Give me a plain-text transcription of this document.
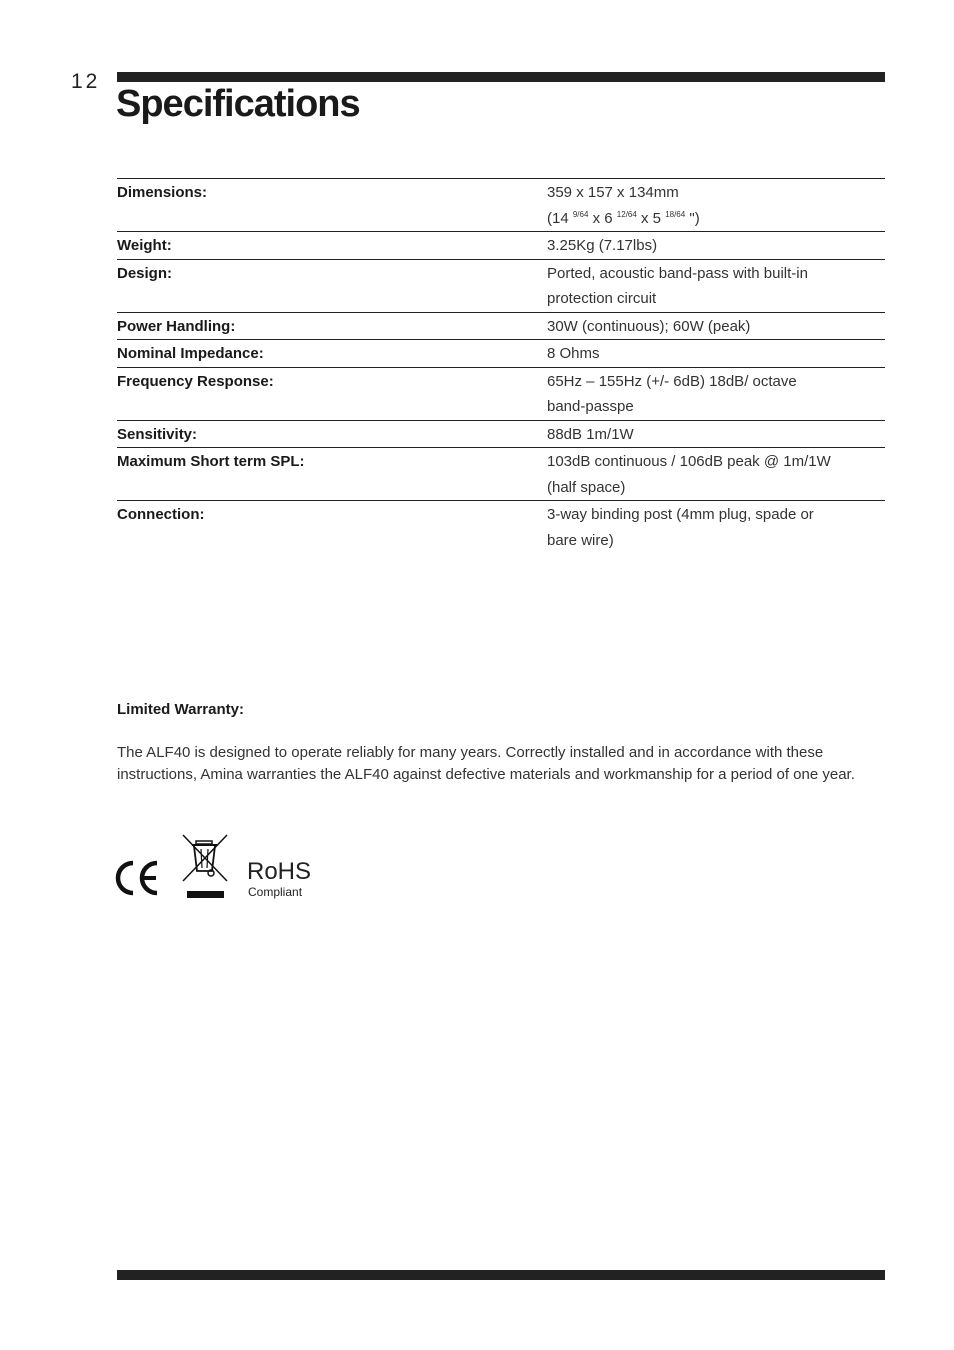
12
Specifications
Dimensions:	359 x 157 x 134mm
(14 $^{9/64}$ x 6 $^{12/64}$ x 5 $^{18/64}$ ")

Weight:	3.25Kg (7.17lbs)

Design:	Ported, acoustic band-pass with built-in
protection circuit

Power Handling:	30W (continuous); 60W (peak)

Nominal Impedance:	8 Ohms

Frequency Response:	65Hz – 155Hz (+/- 6dB) 18dB/ octave
band-passpe

Sensitivity:	88dB 1m/1W

Maximum Short term SPL:	103dB continuous / 106dB peak @ 1m/1W
(half space)

Connection:	3-way binding post (4mm plug, spade or
bare wire)
Limited Warranty:

The ALF40 is designed to operate reliably for many years. Correctly installed and in accordance with these instructions, Amina warranties the ALF40 against defective materials and workmanship for a period of one year.

RoHS
Compliant
